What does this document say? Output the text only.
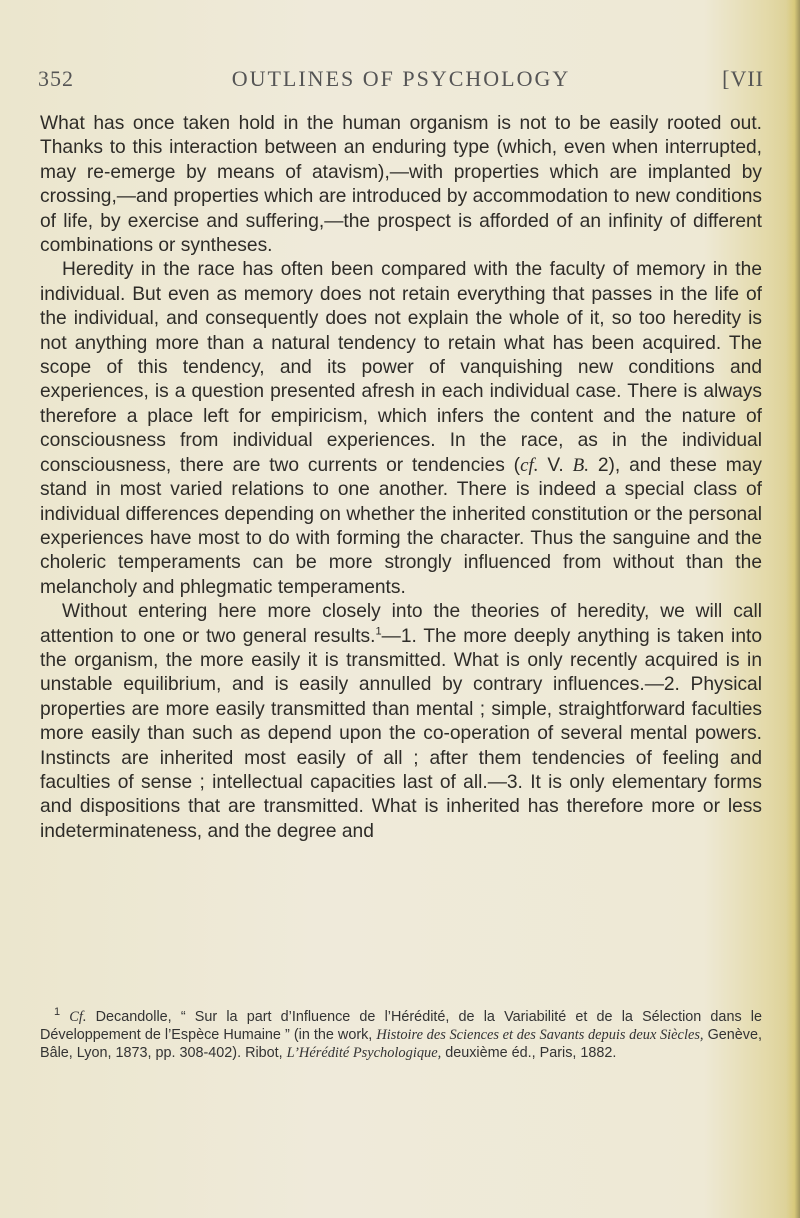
352	OUTLINES OF PSYCHOLOGY	[VII

What has once taken hold in the human organism is not to be easily rooted out. Thanks to this interaction between an enduring type (which, even when interrupted, may re-emerge by means of atavism),—with properties which are implanted by crossing,—and properties which are introduced by accommodation to new conditions of life, by exercise and suffering,—the prospect is afforded of an infinity of different combinations or syntheses.

Heredity in the race has often been compared with the faculty of memory in the individual. But even as memory does not retain everything that passes in the life of the individual, and consequently does not explain the whole of it, so too heredity is not anything more than a natural tendency to retain what has been acquired. The scope of this tendency, and its power of vanquishing new conditions and experiences, is a question presented afresh in each individual case. There is always therefore a place left for empiricism, which infers the content and the nature of consciousness from individual experiences. In the race, as in the individual consciousness, there are two currents or tendencies (cf. V. B. 2), and these may stand in most varied relations to one another. There is indeed a special class of individual differences depending on whether the inherited constitution or the personal experiences have most to do with forming the character. Thus the sanguine and the choleric temperaments can be more strongly influenced from without than the melancholy and phlegmatic temperaments.

Without entering here more closely into the theories of heredity, we will call attention to one or two general results.$^1$—1. The more deeply anything is taken into the organism, the more easily it is transmitted. What is only recently acquired is in unstable equilibrium, and is easily annulled by contrary influences.—2. Physical properties are more easily transmitted than mental ; simple, straightforward faculties more easily than such as depend upon the co-operation of several mental powers. Instincts are inherited most easily of all ; after them tendencies of feeling and faculties of sense ; intellectual capacities last of all.—3. It is only elementary forms and dispositions that are transmitted. What is inherited has therefore more or less indeterminateness, and the degree and

$^1$ Cf. Decandolle, “ Sur la part d’Influence de l’Hérédité, de la Variabilité et de la Sélection dans le Développement de l’Espèce Humaine ” (in the work, Histoire des Sciences et des Savants depuis deux Siècles, Genève, Bâle, Lyon, 1873, pp. 308-402). Ribot, L’Hérédité Psychologique, deuxième éd., Paris, 1882.
